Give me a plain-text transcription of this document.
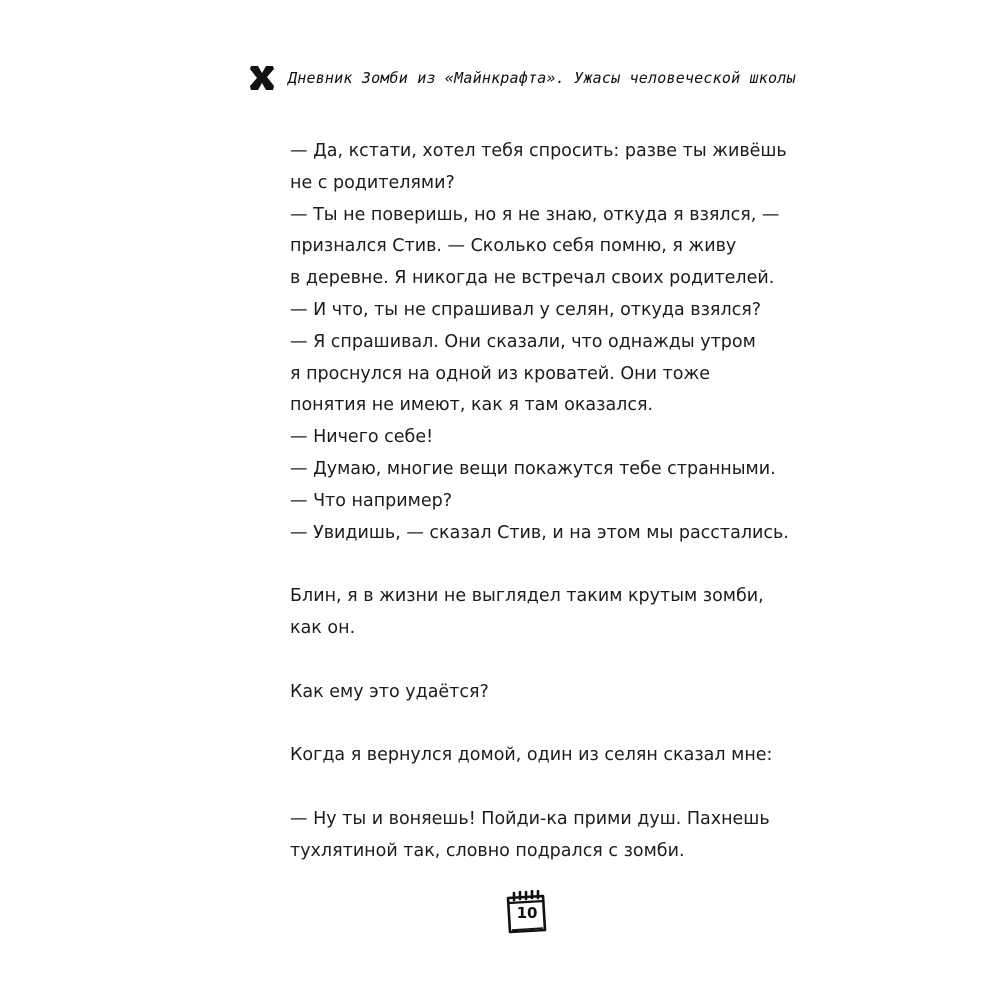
Дневник Зомби из «Майнкрафта». Ужасы человеческой школы
— Да, кстати, хотел тебя спросить: разве ты живёшь
не с родителями?
— Ты не поверишь, но я не знаю, откуда я взялся, —
признался Стив. — Сколько себя помню, я живу
в деревне. Я никогда не встречал своих родителей.
— И что, ты не спрашивал у селян, откуда взялся?
— Я спрашивал. Они сказали, что однажды утром
я проснулся на одной из кроватей. Они тоже
понятия не имеют, как я там оказался.
— Ничего себе!
— Думаю, многие вещи покажутся тебе странными.
— Что например?
— Увидишь, — сказал Стив, и на этом мы расстались.
Блин, я в жизни не выглядел таким крутым зомби,
как он.
Как ему это удаётся?
Когда я вернулся домой, один из селян сказал мне:
— Ну ты и воняешь! Пойди-ка прими душ. Пахнешь
тухлятиной так, словно подрался с зомби.
10
